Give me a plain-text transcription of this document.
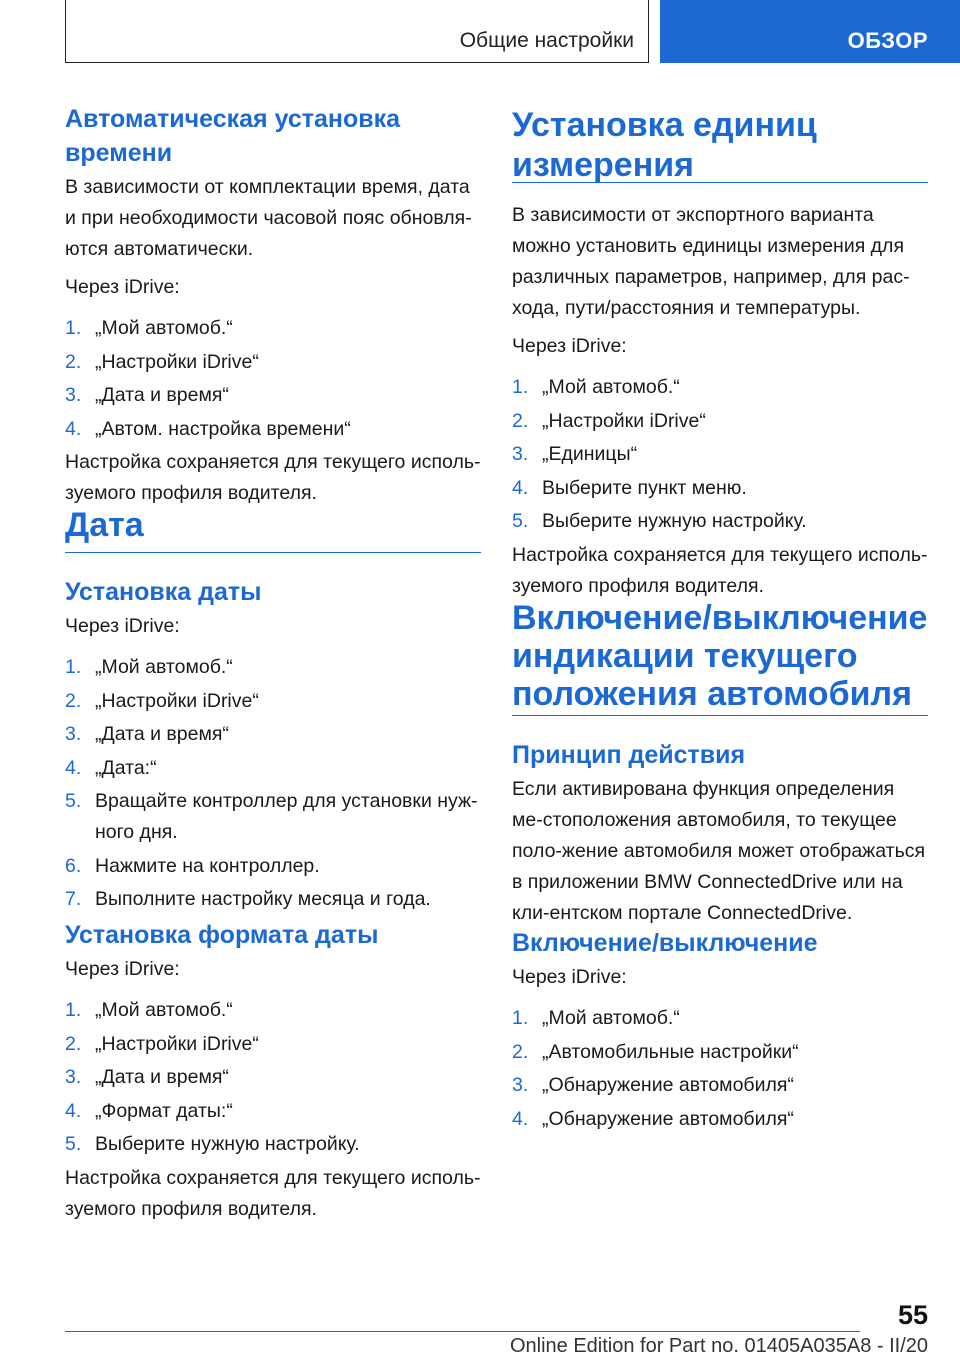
Общие настройки	ОБЗОР
Автоматическая установка времени

В зависимости от комплектации время, дата и при необходимости часовой пояс обновля-ются автоматически.

Через iDrive:

1. „Мой автомоб.“
2. „Настройки iDrive“
3. „Дата и время“
4. „Автом. настройка времени“

Настройка сохраняется для текущего исполь-зуемого профиля водителя.

Дата
Установка даты

Через iDrive:

1. „Мой автомоб.“
2. „Настройки iDrive“
3. „Дата и время“
4. „Дата:“
5. Вращайте контроллер для установки нуж-ного дня.
6. Нажмите на контроллер.
7. Выполните настройку месяца и года.
Установка формата даты

Через iDrive:

1. „Мой автомоб.“
2. „Настройки iDrive“
3. „Дата и время“
4. „Формат даты:“
5. Выберите нужную настройку.

Настройка сохраняется для текущего исполь-зуемого профиля водителя.

Установка единиц измерения

В зависимости от экспортного варианта можно установить единицы измерения для различных параметров, например, для рас-хода, пути/расстояния и температуры.

Через iDrive:

1. „Мой автомоб.“
2. „Настройки iDrive“
3. „Единицы“
4. Выберите пункт меню.
5. Выберите нужную настройку.

Настройка сохраняется для текущего исполь-зуемого профиля водителя.

Включение/выключение индикации текущего положения автомобиля
Принцип действия

Если активирована функция определения ме-стоположения автомобиля, то текущее поло-жение автомобиля может отображаться в приложении BMW ConnectedDrive или на кли-ентском портале ConnectedDrive.

Включение/выключение

Через iDrive:

1. „Мой автомоб.“
2. „Автомобильные настройки“
3. „Обнаружение автомобиля“
4. „Обнаружение автомобиля“
55
Online Edition for Part no. 01405A035A8 - II/20
